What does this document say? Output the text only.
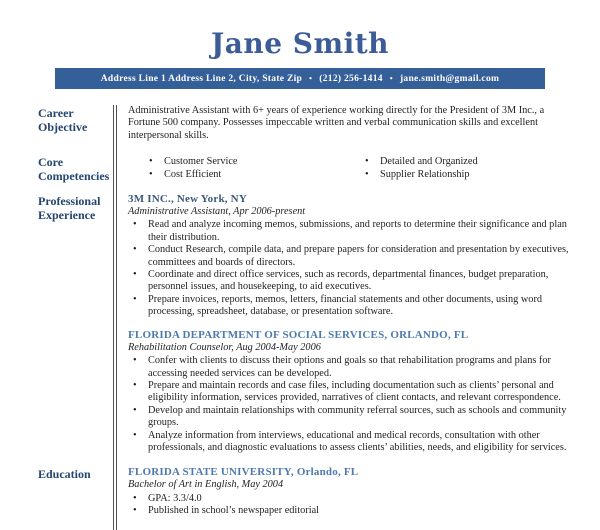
Jane Smith
Address Line 1 Address Line 2, City, State Zip • (212) 256-1414 • jane.smith@gmail.com
Career Objective

Administrative Assistant with 6+ years of experience working directly for the President of 3M Inc., a Fortune 500 company. Possesses impeccable written and verbal communication skills and excellent interpersonal skills.

Core Competencies
• Customer Service
• Cost Efficient
• Detailed and Organized
• Supplier Relationship
Professional Experience
3M INC., New York, NY
Administrative Assistant, Apr 2006-present
• Read and analyze incoming memos, submissions, and reports to determine their significance and plan their distribution.
• Conduct Research, compile data, and prepare papers for consideration and presentation by executives, committees and boards of directors.
• Coordinate and direct office services, such as records, departmental finances, budget preparation, personnel issues, and housekeeping, to aid executives.
• Prepare invoices, reports, memos, letters, financial statements and other documents, using word processing, spreadsheet, database, or presentation software.
FLORIDA DEPARTMENT OF SOCIAL SERVICES, ORLANDO, FL
Rehabilitation Counselor, Aug 2004-May 2006
• Confer with clients to discuss their options and goals so that rehabilitation programs and plans for accessing needed services can be developed.
• Prepare and maintain records and case files, including documentation such as clients’ personal and eligibility information, services provided, narratives of client contacts, and relevant correspondence.
• Develop and maintain relationships with community referral sources, such as schools and community groups.
• Analyze information from interviews, educational and medical records, consultation with other professionals, and diagnostic evaluations to assess clients’ abilities, needs, and eligibility for services.
Education	FLORIDA STATE UNIVERSITY, Orlando, FL
Bachelor of Art in English, May 2004
• GPA: 3.3/4.0
• Published in school’s newspaper editorial
